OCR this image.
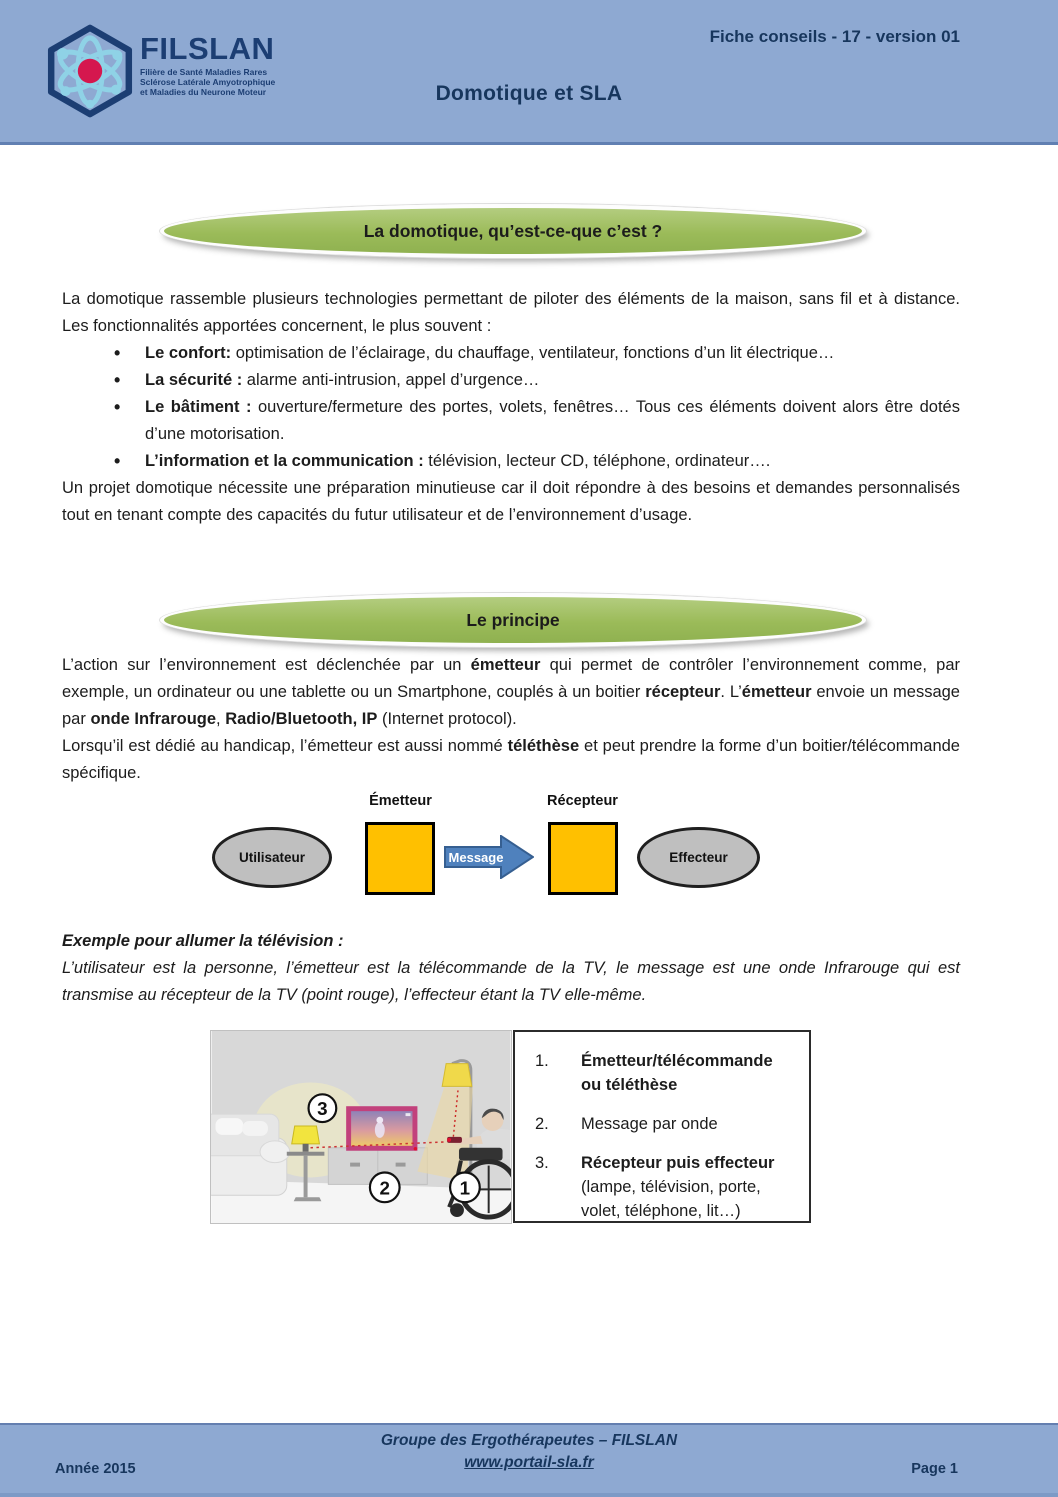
FILSLAN
Filière de Santé Maladies Rares
Sclérose Latérale Amyotrophique
et Maladies du Neurone Moteur
Fiche conseils - 17 - version 01
Domotique et SLA
La domotique, qu’est-ce-que c’est ?
La domotique rassemble plusieurs technologies permettant de piloter des éléments de la maison, sans fil et à distance. Les fonctionnalités apportées concernent, le plus souvent :
• Le confort: optimisation de l’éclairage, du chauffage, ventilateur, fonctions d’un lit électrique…
• La sécurité : alarme anti-intrusion, appel d’urgence…
• Le bâtiment : ouverture/fermeture des portes, volets, fenêtres… Tous ces éléments doivent alors être dotés d’une motorisation.
• L’information et la communication : télévision, lecteur CD, téléphone, ordinateur….
Un projet domotique nécessite une préparation minutieuse car il doit répondre à des besoins et demandes personnalisés tout en tenant compte des capacités du futur utilisateur et de l’environnement d’usage.
Le principe
L’action sur l’environnement est déclenchée par un émetteur qui permet de contrôler l’environnement comme, par exemple, un ordinateur ou une tablette ou un Smartphone, couplés à un boitier récepteur. L’émetteur envoie un message par onde Infrarouge, Radio/Bluetooth, IP (Internet protocol).
Lorsqu’il est dédié au handicap, l’émetteur est aussi nommé téléthèse et peut prendre la forme d’un boitier/télécommande spécifique.
Émetteur	Récepteur
Utilisateur	Message	Effecteur
Exemple pour allumer la télévision :
L’utilisateur est la personne, l’émetteur est la télécommande de la TV, le message est une onde Infrarouge qui est transmise au récepteur de la TV (point rouge), l’effecteur étant la TV elle-même.
3
2	1
1.	Émetteur/télécommande ou téléthèse
2.	Message par onde
3.	Récepteur puis effecteur (lampe, télévision, porte, volet, téléphone, lit…)
Année 2015
Groupe des Ergothérapeutes – FILSLAN
www.portail-sla.fr	Page 1
